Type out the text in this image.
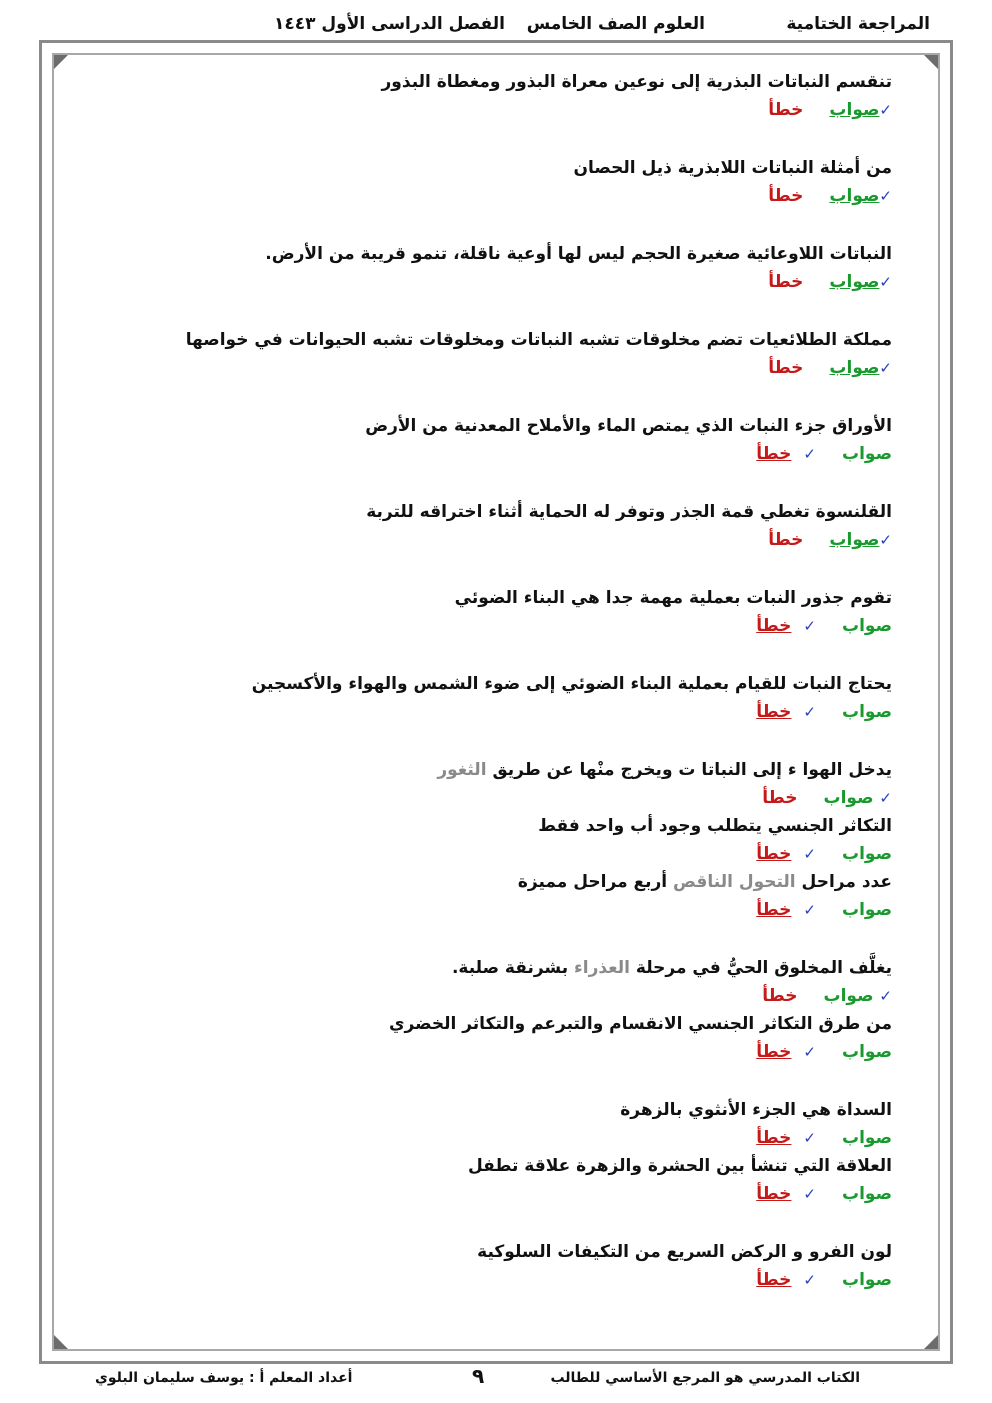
المراجعة الختامية
العلوم الصف الخامس
الفصل الدراسى الأول ١٤٤٣
تنقسم النباتات البذرية إلى نوعين معراة البذور ومغطاة البذور
✓صوابخطأ
من أمثلة النباتات اللابذرية ذيل الحصان
✓صوابخطأ
النباتات اللاوعائية صغيرة الحجم ليس لها أوعية ناقلة، تنمو قريبة من الأرض.
✓صوابخطأ
مملكة الطلائعيات تضم مخلوقات تشبه النباتات ومخلوقات تشبه الحيوانات في خواصها
✓صوابخطأ
الأوراق جزء النبات الذي يمتص الماء والأملاح المعدنية من الأرض
صواب✓خطأ
القلنسوة تغطي قمة الجذر وتوفر له الحماية أثناء اختراقه للتربة
✓صوابخطأ
تقوم جذور النبات بعملية مهمة جدا هي البناء الضوئي
صواب✓خطأ
يحتاج النبات للقيام بعملية البناء الضوئي إلى ضوء الشمس والهواء والأكسجين
صواب✓خطأ
يدخل الهوا ء إلى النباتا ت ويخرج منْها عن طريق الثغور
✓ صوابخطأ
التكاثر الجنسي يتطلب وجود أب واحد فقط
صواب✓خطأ
عدد مراحل التحول الناقص أربع مراحل مميزة
صواب✓خطأ
يغلَّف المخلوق الحيُّ في مرحلة العذراء بشرنقة صلبة.
✓ صوابخطأ
من طرق التكاثر الجنسي الانقسام والتبرعم والتكاثر الخضري
صواب✓خطأ
السداة هي الجزء الأنثوي بالزهرة
صواب✓خطأ
العلاقة التي تنشأ بين الحشرة والزهرة علاقة تطفل
صواب✓خطأ
لون الفرو و الركض السريع من التكيفات السلوكية
صواب✓خطأ
الكتاب المدرسي هو المرجع الأساسي للطالب
٩
أعداد المعلم أ : يوسف سليمان البلوي
